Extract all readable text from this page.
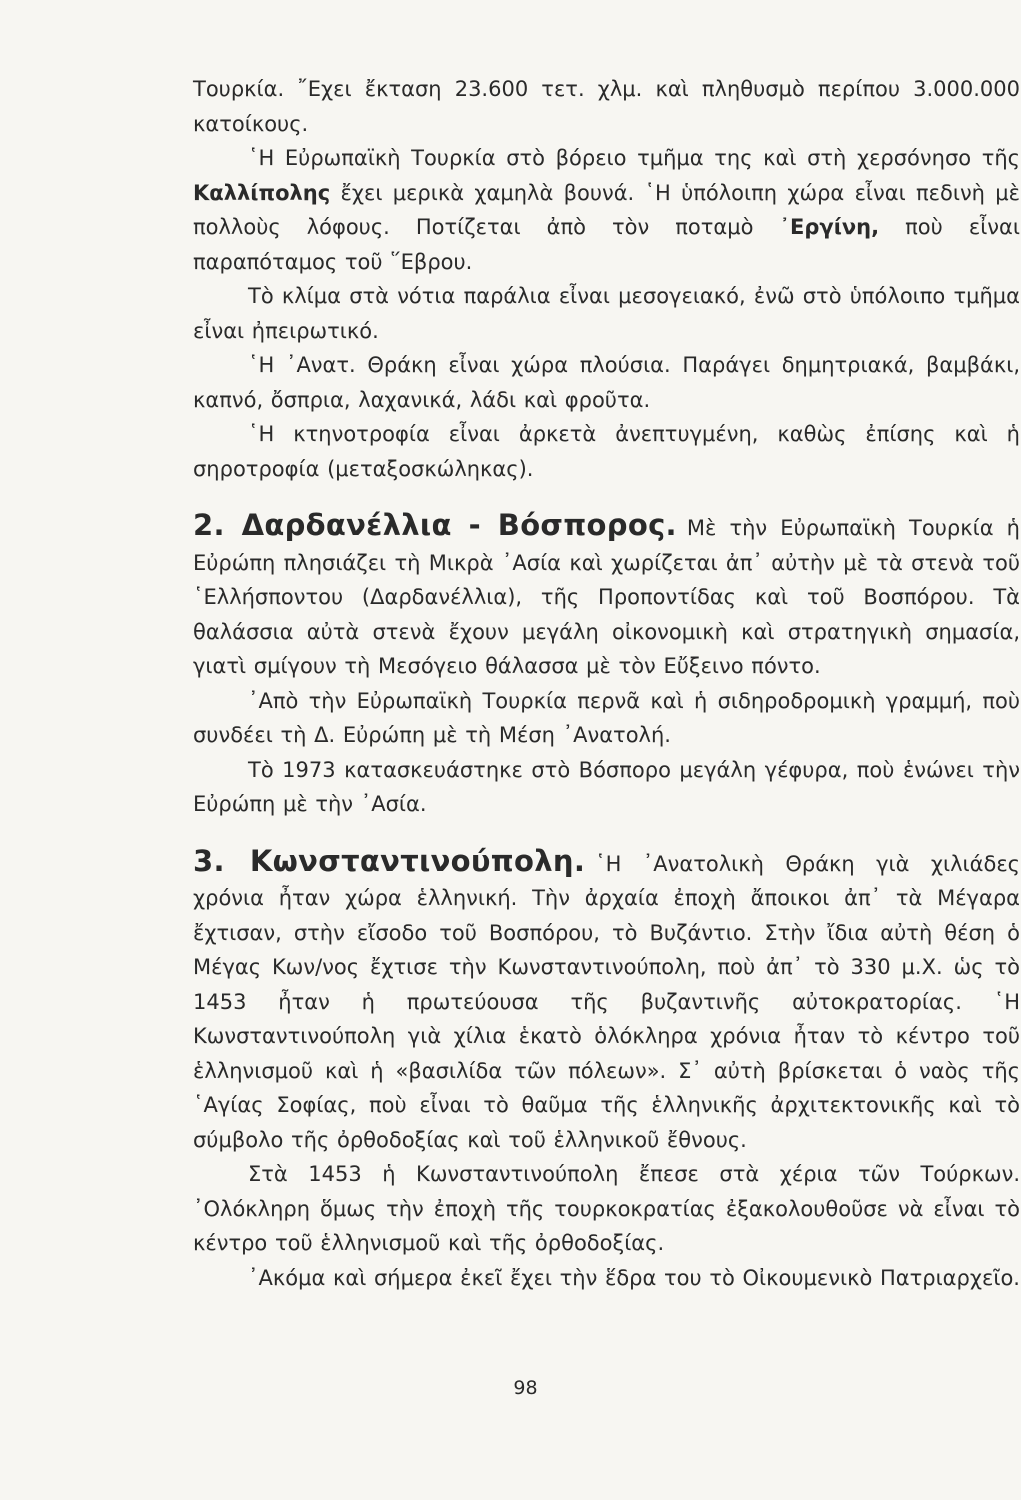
Τουρκία. ῎Εχει ἔκταση 23.600 τετ. χλμ. καὶ πληθυσμὸ περίπου 3.000.000 κατοίκους.

῾Η Εὐρωπαϊκὴ Τουρκία στὸ βόρειο τμῆμα της καὶ στὴ χερσόνησο τῆς Καλλίπολης ἔχει μερικὰ χαμηλὰ βουνά. ῾Η ὑπόλοιπη χώρα εἶναι πεδινὴ μὲ πολλοὺς λόφους. Ποτίζεται ἀπὸ τὸν ποταμὸ ᾿Εργίνη, ποὺ εἶναι παραπόταμος τοῦ ῞Εβρου.

Τὸ κλίμα στὰ νότια παράλια εἶναι μεσογειακό, ἐνῶ στὸ ὑπόλοιπο τμῆμα εἶναι ἠπειρωτικό.

῾Η ᾿Ανατ. Θράκη εἶναι χώρα πλούσια. Παράγει δημητριακά, βαμβάκι, καπνό, ὄσπρια, λαχανικά, λάδι καὶ φροῦτα.

῾Η κτηνοτροφία εἶναι ἀρκετὰ ἀνεπτυγμένη, καθὼς ἐπίσης καὶ ἡ σηροτροφία (μεταξοσκώληκας).

2. Δαρδανέλλια - Βόσπορος. Μὲ τὴν Εὐρωπαϊκὴ Τουρκία ἡ Εὐρώπη πλησιάζει τὴ Μικρὰ ᾿Ασία καὶ χωρίζεται ἀπ᾿ αὐτὴν μὲ τὰ στενὰ τοῦ ῾Ελλήσποντου (Δαρδανέλλια), τῆς Προποντίδας καὶ τοῦ Βοσπόρου. Τὰ θαλάσσια αὐτὰ στενὰ ἔχουν μεγάλη οἰκονομικὴ καὶ στρατηγικὴ σημασία, γιατὶ σμίγουν τὴ Μεσόγειο θάλασσα μὲ τὸν Εὔξεινο πόντο.

᾿Απὸ τὴν Εὐρωπαϊκὴ Τουρκία περνᾶ καὶ ἡ σιδηροδρομικὴ γραμμή, ποὺ συνδέει τὴ Δ. Εὐρώπη μὲ τὴ Μέση ᾿Ανατολή.

Τὸ 1973 κατασκευάστηκε στὸ Βόσπορο μεγάλη γέφυρα, ποὺ ἑνώνει τὴν Εὐρώπη μὲ τὴν ᾿Ασία.

3. Κωνσταντινούπολη. ῾Η ᾿Ανατολικὴ Θράκη γιὰ χιλιάδες χρόνια ἦταν χώρα ἑλληνική. Τὴν ἀρχαία ἐποχὴ ἄποικοι ἀπ᾿ τὰ Μέγαρα ἔχτισαν, στὴν εἴσοδο τοῦ Βοσπόρου, τὸ Βυζάντιο. Στὴν ἴδια αὐτὴ θέση ὁ Μέγας Κων/νος ἔχτισε τὴν Κωνσταντινούπολη, ποὺ ἀπ᾿ τὸ 330 μ.Χ. ὡς τὸ 1453 ἦταν ἡ πρωτεύουσα τῆς βυζαντινῆς αὐτοκρατορίας. ῾Η Κωνσταντινούπολη γιὰ χίλια ἑκατὸ ὁλόκληρα χρόνια ἦταν τὸ κέντρο τοῦ ἑλληνισμοῦ καὶ ἡ «βασιλίδα τῶν πόλεων». Σ᾿ αὐτὴ βρίσκεται ὁ ναὸς τῆς ῾Αγίας Σοφίας, ποὺ εἶναι τὸ θαῦμα τῆς ἑλληνικῆς ἀρχιτεκτονικῆς καὶ τὸ σύμβολο τῆς ὀρθοδοξίας καὶ τοῦ ἑλληνικοῦ ἔθνους.

Στὰ 1453 ἡ Κωνσταντινούπολη ἔπεσε στὰ χέρια τῶν Τούρκων. ᾿Ολόκληρη ὅμως τὴν ἐποχὴ τῆς τουρκοκρατίας ἐξακολουθοῦσε νὰ εἶναι τὸ κέντρο τοῦ ἑλληνισμοῦ καὶ τῆς ὀρθοδοξίας.

᾿Ακόμα καὶ σήμερα ἐκεῖ ἔχει τὴν ἕδρα του τὸ Οἰκουμενικὸ Πατριαρχεῖο.

98
